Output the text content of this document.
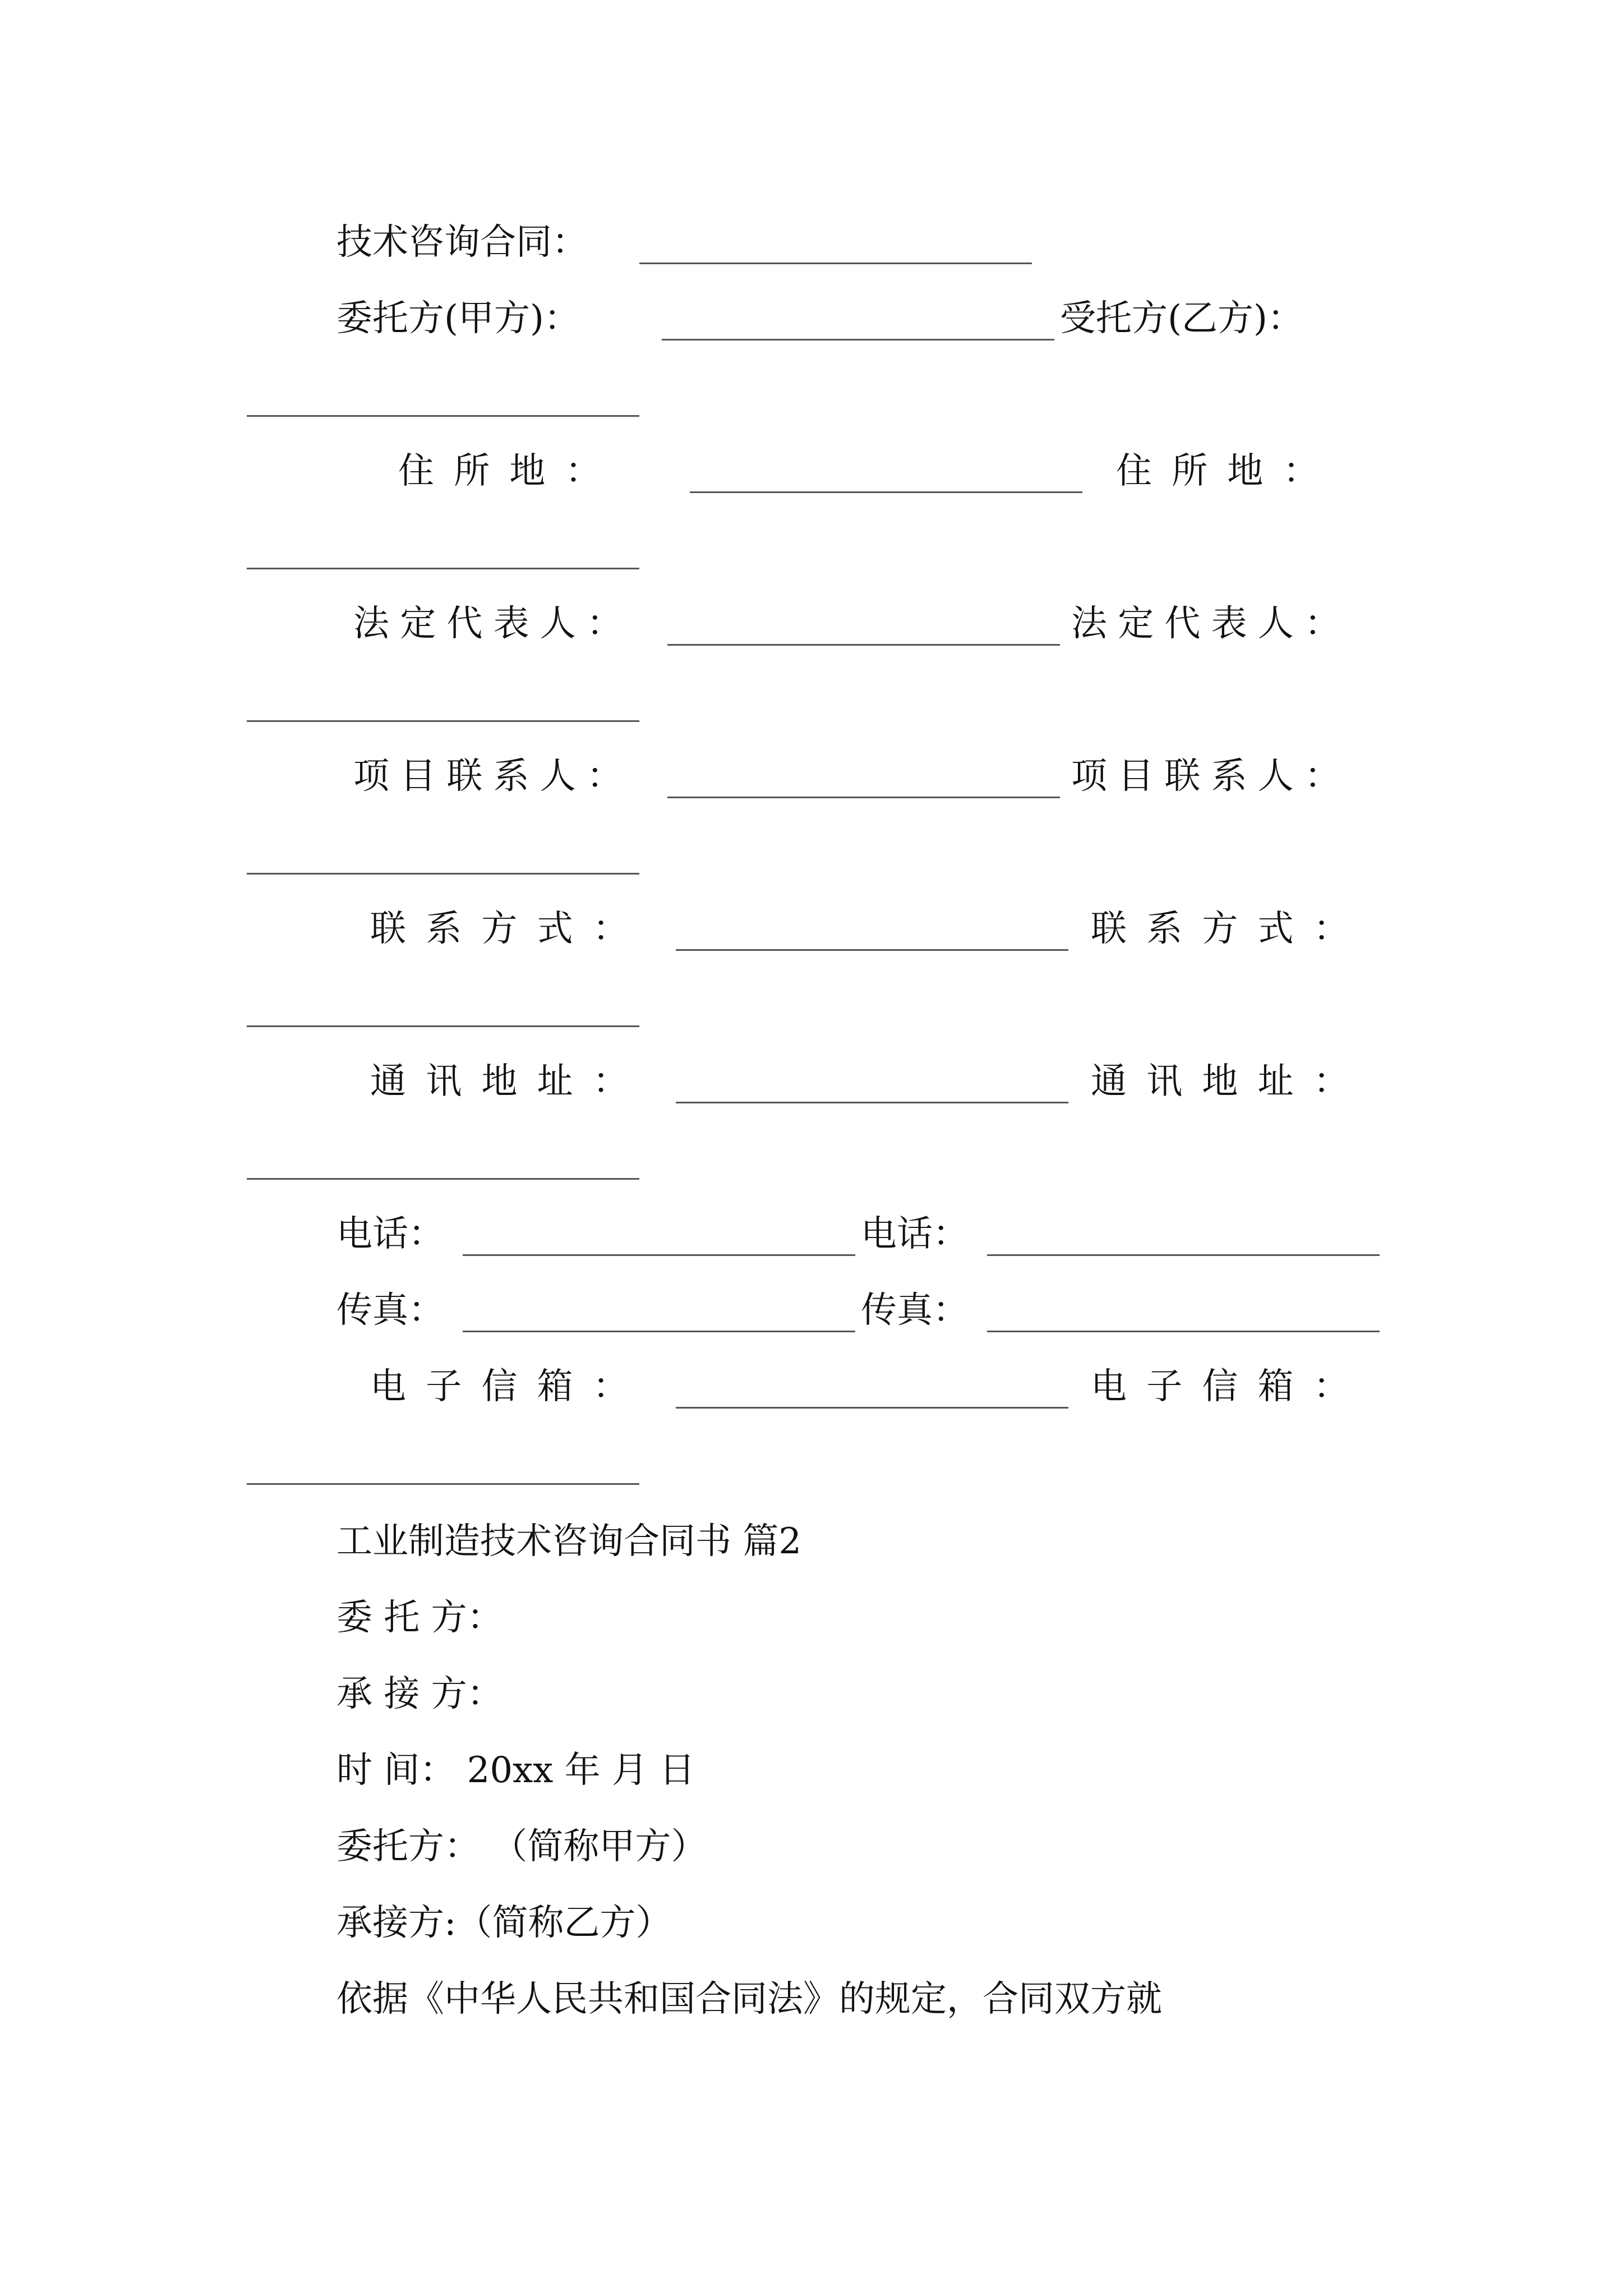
技术咨询合同：
委托方(甲方)：	受托方(乙方)：
住所地：	住所地：
法定代表人：	法定代表人：
项目联系人：	项目联系人：
联系方式：	联系方式：
通讯地址：	通讯地址：
电话：	电话：
传真：	传真：
电子信箱：	电子信箱：
工业制造技术咨询合同书 篇2
委 托 方：
承 接 方：
时 间： 20xx 年 月 日
委托方： （简称甲方）
承接方:（简称乙方）
依据《中华人民共和国合同法》的规定，合同双方就
